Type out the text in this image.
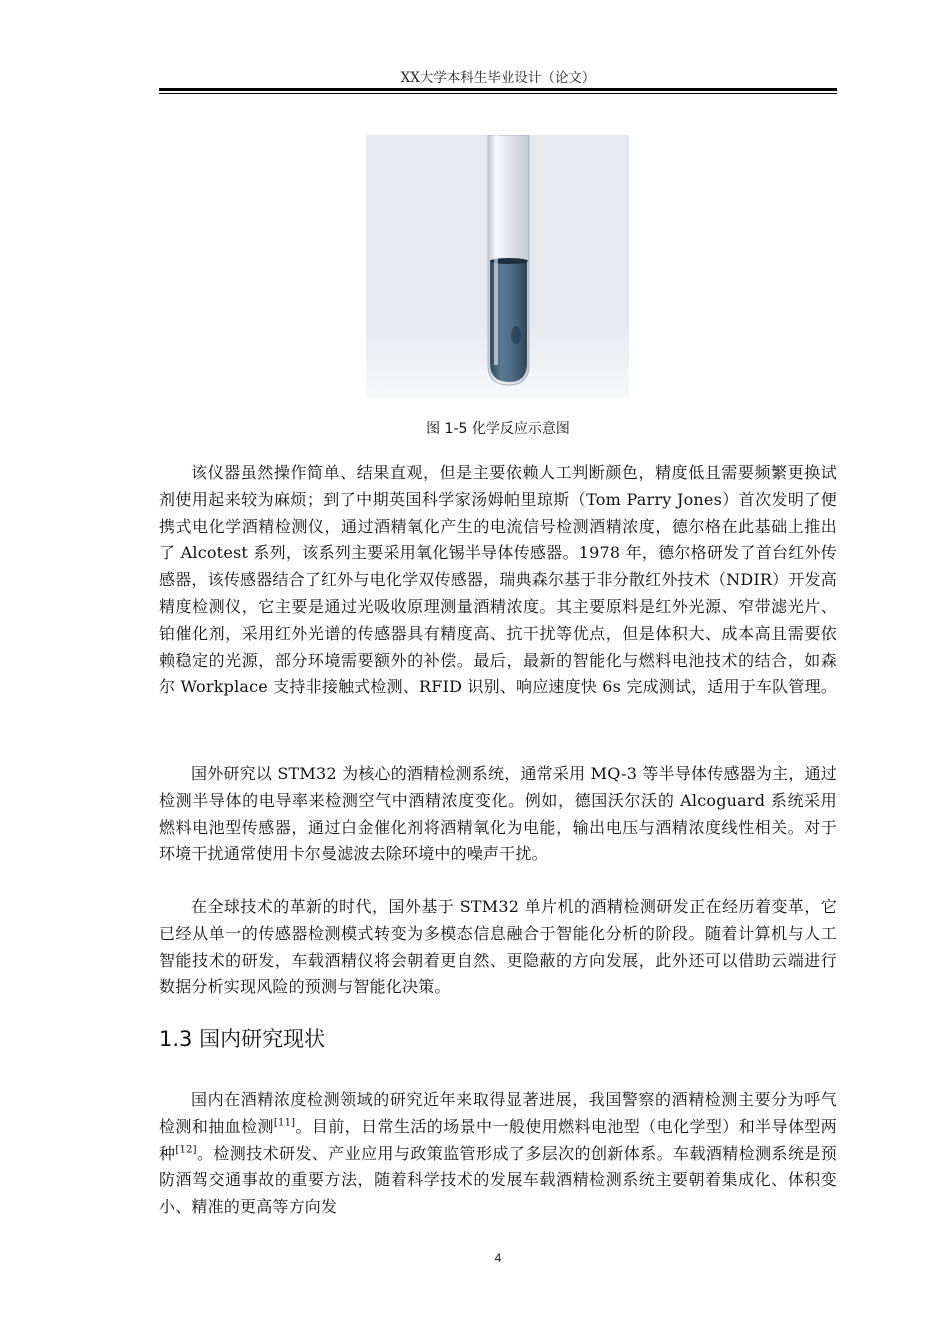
XX大学本科生毕业设计（论文）
图 1-5 化学反应示意图

该仪器虽然操作简单、结果直观，但是主要依赖人工判断颜色，精度低且需要频繁更换试剂使用起来较为麻烦；到了中期英国科学家汤姆帕里琼斯（Tom Parry Jones）首次发明了便携式电化学酒精检测仪，通过酒精氧化产生的电流信号检测酒精浓度，德尔格在此基础上推出了 Alcotest 系列，该系列主要采用氧化锡半导体传感器。1978 年，德尔格研发了首台红外传感器，该传感器结合了红外与电化学双传感器，瑞典森尔基于非分散红外技术（NDIR）开发高精度检测仪，它主要是通过光吸收原理测量酒精浓度。其主要原料是红外光源、窄带滤光片、铂催化剂，采用红外光谱的传感器具有精度高、抗干扰等优点，但是体积大、成本高且需要依赖稳定的光源，部分环境需要额外的补偿。最后，最新的智能化与燃料电池技术的结合，如森尔 Workplace 支持非接触式检测、RFID 识别、响应速度快 6s 完成测试，适用于车队管理。

国外研究以 STM32 为核心的酒精检测系统，通常采用 MQ-3 等半导体传感器为主，通过检测半导体的电导率来检测空气中酒精浓度变化。例如，德国沃尔沃的 Alcoguard 系统采用燃料电池型传感器，通过白金催化剂将酒精氧化为电能，输出电压与酒精浓度线性相关。对于环境干扰通常使用卡尔曼滤波去除环境中的噪声干扰。

在全球技术的革新的时代，国外基于 STM32 单片机的酒精检测研发正在经历着变革，它已经从单一的传感器检测模式转变为多模态信息融合于智能化分析的阶段。随着计算机与人工智能技术的研发，车载酒精仪将会朝着更自然、更隐蔽的方向发展，此外还可以借助云端进行数据分析实现风险的预测与智能化决策。

1.3 国内研究现状

国内在酒精浓度检测领域的研究近年来取得显著进展，我国警察的酒精检测主要分为呼气检测和抽血检测[11]。目前，日常生活的场景中一般使用燃料电池型（电化学型）和半导体型两种[12]。检测技术研发、产业应用与政策监管形成了多层次的创新体系。车载酒精检测系统是预防酒驾交通事故的重要方法，随着科学技术的发展车载酒精检测系统主要朝着集成化、体积变小、精准的更高等方向发

4
